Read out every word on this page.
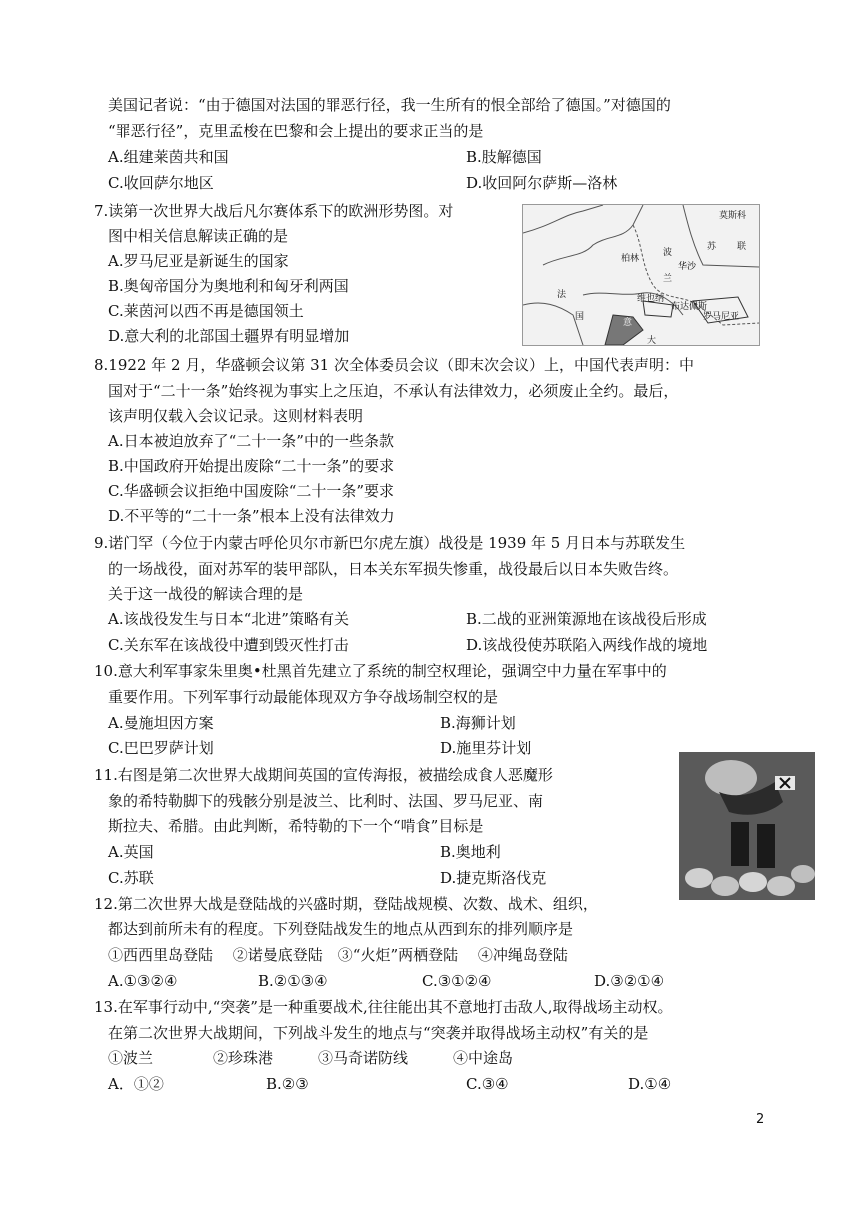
美国记者说：“由于德国对法国的罪恶行径，我一生所有的恨全部给了德国。”对德国的
“罪恶行径”，克里孟梭在巴黎和会上提出的要求正当的是
A.组建莱茵共和国	B.肢解德国
C.收回萨尔地区	D.收回阿尔萨斯—洛林
7.读第一次世界大战后凡尔赛体系下的欧洲形势图。对
图中相关信息解读正确的是
A.罗马尼亚是新诞生的国家
B.奥匈帝国分为奥地利和匈牙利两国
C.莱茵河以西不再是德国领土
D.意大利的北部国土疆界有明显增加
莫斯科
苏 联
柏林
华沙
波
兰
法
国
维也纳
布达佩斯
罗马尼亚
意
大
8.1922 年 2 月，华盛顿会议第 31 次全体委员会议（即末次会议）上，中国代表声明：中
国对于“二十一条”始终视为事实上之压迫，不承认有法律效力，必须废止全约。最后，
该声明仅载入会议记录。这则材料表明
A.日本被迫放弃了“二十一条”中的一些条款
B.中国政府开始提出废除“二十一条”的要求
C.华盛顿会议拒绝中国废除“二十一条”要求
D.不平等的“二十一条”根本上没有法律效力
9.诺门罕（今位于内蒙古呼伦贝尔市新巴尔虎左旗）战役是 1939 年 5 月日本与苏联发生
的一场战役，面对苏军的装甲部队，日本关东军损失惨重，战役最后以日本失败告终。
关于这一战役的解读合理的是
A.该战役发生与日本“北进”策略有关	B.二战的亚洲策源地在该战役后形成
C.关东军在该战役中遭到毁灭性打击	D.该战役使苏联陷入两线作战的境地
10.意大利军事家朱里奥•杜黑首先建立了系统的制空权理论，强调空中力量在军事中的
重要作用。下列军事行动最能体现双方争夺战场制空权的是
A.曼施坦因方案	B.海狮计划
C.巴巴罗萨计划	D.施里芬计划
11.右图是第二次世界大战期间英国的宣传海报，被描绘成食人恶魔形
象的希特勒脚下的残骸分别是波兰、比利时、法国、罗马尼亚、南
斯拉夫、希腊。由此判断，希特勒的下一个“啃食”目标是
A.英国	B.奥地利
C.苏联	D.捷克斯洛伐克
12.第二次世界大战是登陆战的兴盛时期，登陆战规模、次数、战术、组织，
都达到前所未有的程度。下列登陆战发生的地点从西到东的排列顺序是
①西西里岛登陆　 ②诺曼底登陆　③“火炬”两栖登陆　 ④冲绳岛登陆
A.①③②④	B.②①③④	C.③①②④	D.③②①④
13.在军事行动中,“突袭”是一种重要战术,往往能出其不意地打击敌人,取得战场主动权。
在第二次世界大战期间，下列战斗发生的地点与“突袭并取得战场主动权”有关的是
①波兰　　　　②珍珠港　　　③马奇诺防线　　　④中途岛
A．①②	B.②③	C.③④	D.①④
2
